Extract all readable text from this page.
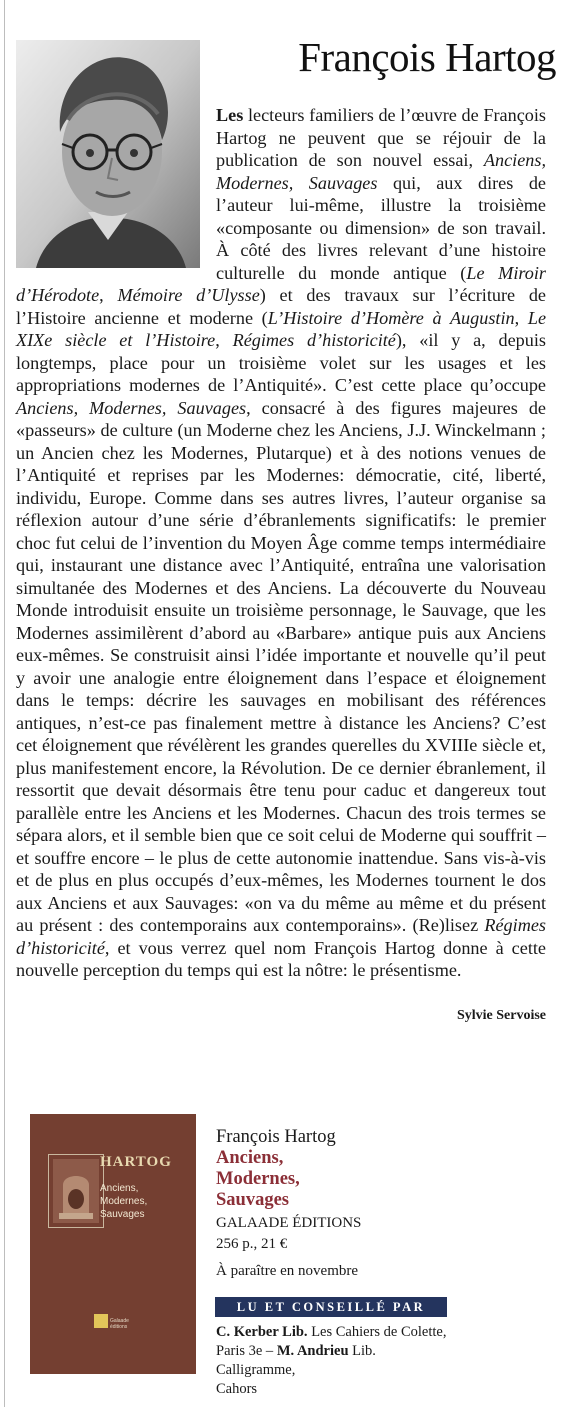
François Hartog
Les lecteurs familiers de l’œuvre de François Hartog ne peuvent que se réjouir de la publication de son nouvel essai, Anciens, Modernes, Sauvages qui, aux dires de l’auteur lui-même, illustre la troisième «composante ou dimension» de son travail. À côté des livres relevant d’une histoire culturelle du monde antique (Le Miroir d’Hérodote, Mémoire d’Ulysse) et des travaux sur l’écriture de l’Histoire ancienne et moderne (L’Histoire d’Homère à Augustin, Le XIXe siècle et l’Histoire, Régimes d’historicité), «il y a, depuis longtemps, place pour un troisième volet sur les usages et les appropriations modernes de l’Antiquité». C’est cette place qu’occupe Anciens, Modernes, Sauvages, consacré à des figures majeures de «passeurs» de culture (un Moderne chez les Anciens, J.J. Winckelmann ; un Ancien chez les Modernes, Plutarque) et à des notions venues de l’Antiquité et reprises par les Modernes: démocratie, cité, liberté, individu, Europe. Comme dans ses autres livres, l’auteur organise sa réflexion autour d’une série d’ébranlements significatifs: le premier choc fut celui de l’invention du Moyen Âge comme temps intermédiaire qui, instaurant une distance avec l’Antiquité, entraîna une valorisation simultanée des Modernes et des Anciens. La découverte du Nouveau Monde introduisit ensuite un troisième personnage, le Sauvage, que les Modernes assimilèrent d’abord au «Barbare» antique puis aux Anciens eux-mêmes. Se construisit ainsi l’idée importante et nouvelle qu’il peut y avoir une analogie entre éloignement dans l’espace et éloignement dans le temps: décrire les sauvages en mobilisant des références antiques, n’est-ce pas finalement mettre à distance les Anciens? C’est cet éloignement que révélèrent les grandes querelles du XVIIIe siècle et, plus manifestement encore, la Révolution. De ce dernier ébranlement, il ressortit que devait désormais être tenu pour caduc et dangereux tout parallèle entre les Anciens et les Modernes. Chacun des trois termes se sépara alors, et il semble bien que ce soit celui de Moderne qui souffrit – et souffre encore – le plus de cette autonomie inattendue. Sans vis-à-vis et de plus en plus occupés d’eux-mêmes, les Modernes tournent le dos aux Anciens et aux Sauvages: «on va du même au même et du présent au présent : des contemporains aux contemporains». (Re)lisez Régimes d’historicité, et vous verrez quel nom François Hartog donne à cette nouvelle perception du temps qui est la nôtre: le présentisme.
Sylvie Servoise
HARTOG
Anciens,
Modernes,
Sauvages
Galaade
éditions
François Hartog
Anciens,
Modernes,
Sauvages
GALAADE ÉDITIONS
256 p., 21 €
À paraître en novembre
LU ET CONSEILLÉ PAR
C. Kerber Lib. Les Cahiers de Colette,
Paris 3e – M. Andrieu Lib. Calligramme,
Cahors
